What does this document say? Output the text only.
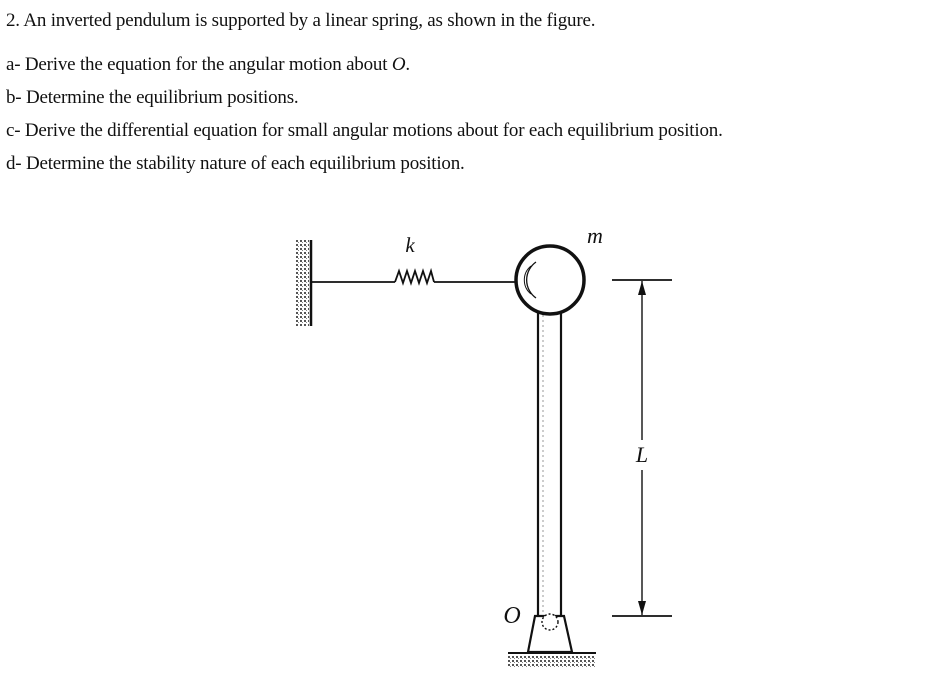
2. An inverted pendulum is supported by a linear spring, as shown in the figure.
a- Derive the equation for the angular motion about O.
b- Determine the equilibrium positions.
c- Derive the differential equation for small angular motions about for each equilibrium position.
d- Determine the stability nature of each equilibrium position.
k	m
L
O
